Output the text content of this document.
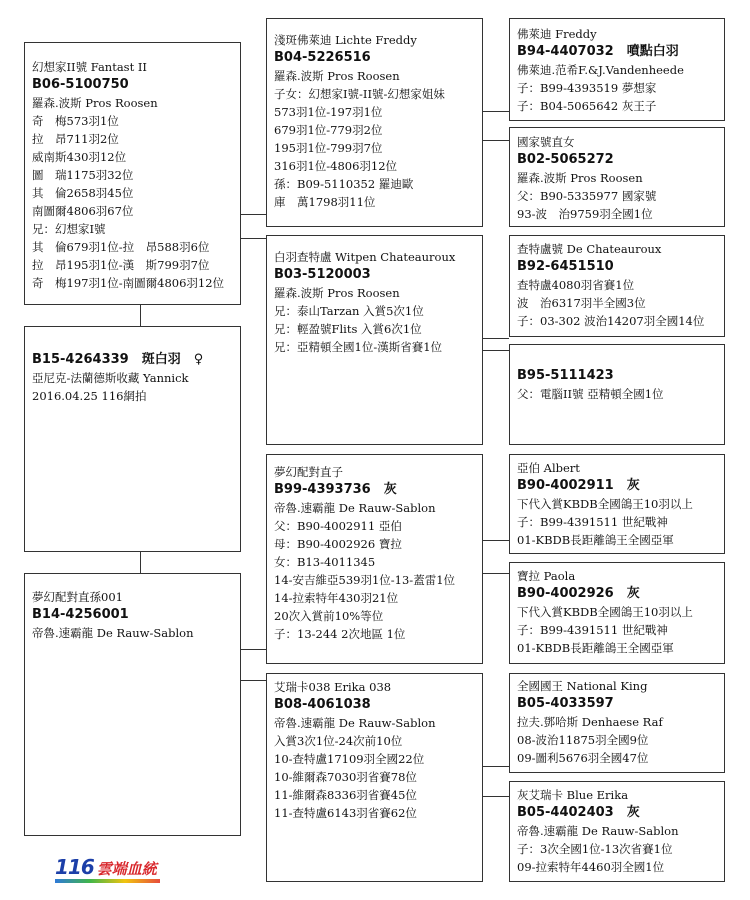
幻想家II號 Fantast II
B06-5100750
羅森.波斯 Pros Roosen
奇　梅573羽1位
拉　昂711羽2位
威南斯430羽12位
圖　瑞1175羽32位
其　倫2658羽45位
南圖爾4806羽67位
兄：幻想家I號
其　倫679羽1位-拉　昂588羽6位
拉　昂195羽1位-漢　斯799羽7位
奇　梅197羽1位-南圖爾4806羽12位
B15-4264339　斑白羽　♀
亞尼克-法蘭德斯收藏 Yannick
2016.04.25 116網拍
夢幻配對直孫001
B14-4256001
帝魯.速霸龍 De Rauw-Sablon
淺斑佛萊迪 Lichte Freddy
B04-5226516
羅森.波斯 Pros Roosen
子女：幻想家I號-II號-幻想家姐妹
573羽1位-197羽1位
679羽1位-779羽2位
195羽1位-799羽7位
316羽1位-4806羽12位
孫：B09-5110352 羅迪歐
庫　萬1798羽11位
白羽查特盧 Witpen Chateauroux
B03-5120003
羅森.波斯 Pros Roosen
兄：泰山Tarzan 入賞5次1位
兄：輕盈號Flits 入賞6次1位
兄：亞精頓全國1位-漢斯省賽1位
夢幻配對直子
B99-4393736　灰
帝魯.速霸龍 De Rauw-Sablon
父：B90-4002911 亞伯
母：B90-4002926 寶拉
女：B13-4011345
14-安吉維亞539羽1位-13-蓋雷1位
14-拉索特年430羽21位
20次入賞前10%等位
子：13-244 2次地區 1位
艾瑞卡038 Erika 038
B08-4061038
帝魯.速霸龍 De Rauw-Sablon
入賞3次1位-24次前10位
10-查特盧17109羽全國22位
10-維爾森7030羽省賽78位
11-維爾森8336羽省賽45位
11-查特盧6143羽省賽62位
佛萊迪 Freddy
B94-4407032　噴點白羽
佛萊迪.范希F.&J.Vandenheede
子：B99-4393519 夢想家
子：B04-5065642 灰王子
國家號直女
B02-5065272
羅森.波斯 Pros Roosen
父：B90-5335977 國家號
93-波　治9759羽全國1位
查特盧號 De Chateauroux
B92-6451510
查特盧4080羽省賽1位
波　治6317羽半全國3位
子：03-302 波治14207羽全國14位

B95-5111423
父：電腦II號 亞精頓全國1位
亞伯 Albert
B90-4002911　灰
下代入賞KBDB全國鴿王10羽以上
子：B99-4391511 世紀戰神
01-KBDB長距離鴿王全國亞軍
寶拉 Paola
B90-4002926　灰
下代入賞KBDB全國鴿王10羽以上
子：B99-4391511 世紀戰神
01-KBDB長距離鴿王全國亞軍
全國國王 National King
B05-4033597
拉夫.鄧哈斯 Denhaese Raf
08-波治11875羽全國9位
09-圖利5676羽全國47位
灰艾瑞卡 Blue Erika
B05-4402403　灰
帝魯.速霸龍 De Rauw-Sablon
子：3次全國1位-13次省賽1位
09-拉索特年4460羽全國1位
116 雲端血統
